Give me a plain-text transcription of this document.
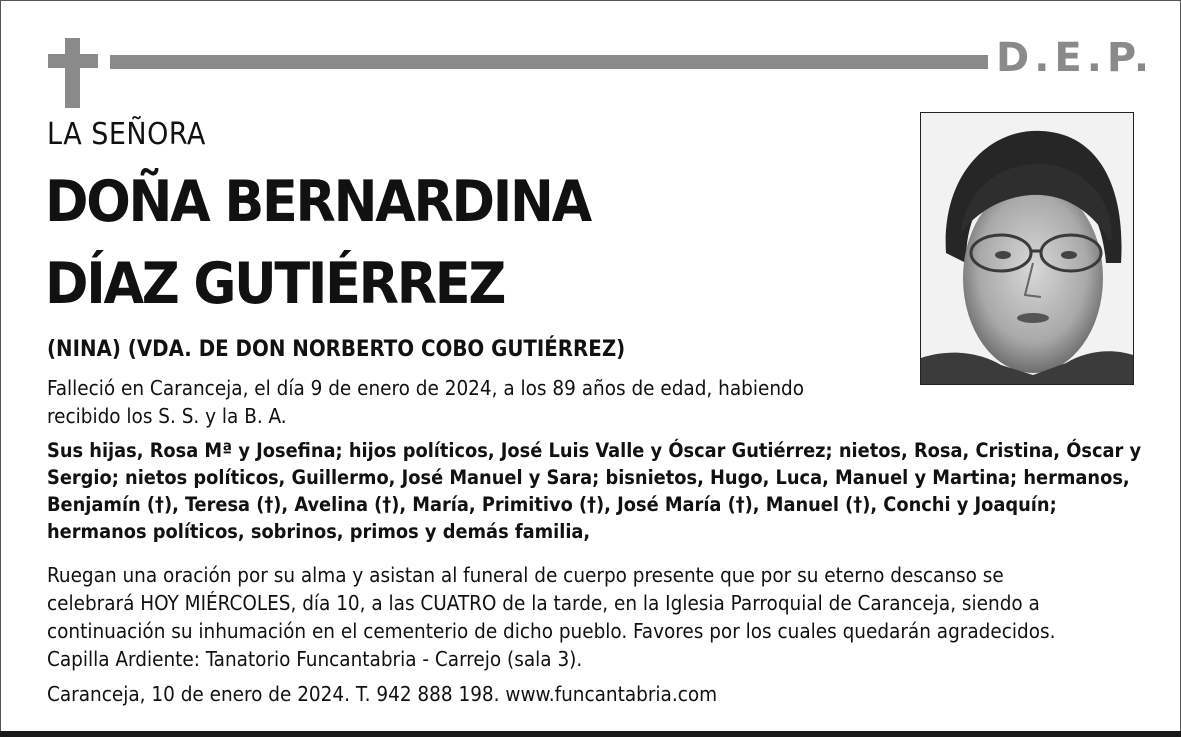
D.E.P.
LA SEÑORA
DOÑA BERNARDINA
DÍAZ GUTIÉRREZ
(NINA) (VDA. DE DON NORBERTO COBO GUTIÉRREZ)
Falleció en Caranceja, el día 9 de enero de 2024, a los 89 años de edad, habiendo
recibido los S. S. y la B. A.
Sus hijas, Rosa Mª y Josefina; hijos políticos, José Luis Valle y Óscar Gutiérrez; nietos, Rosa, Cristina, Óscar y
Sergio; nietos políticos, Guillermo, José Manuel y Sara; bisnietos, Hugo, Luca, Manuel y Martina; hermanos,
Benjamín (†), Teresa (†), Avelina (†), María, Primitivo (†), José María (†), Manuel (†), Conchi y Joaquín;
hermanos políticos, sobrinos, primos y demás familia,
Ruegan una oración por su alma y asistan al funeral de cuerpo presente que por su eterno descanso se
celebrará HOY MIÉRCOLES, día 10, a las CUATRO de la tarde, en la Iglesia Parroquial de Caranceja, siendo a
continuación su inhumación en el cementerio de dicho pueblo. Favores por los cuales quedarán agradecidos.
Capilla Ardiente: Tanatorio Funcantabria - Carrejo (sala 3).
Caranceja, 10 de enero de 2024. T. 942 888 198. www.funcantabria.com
